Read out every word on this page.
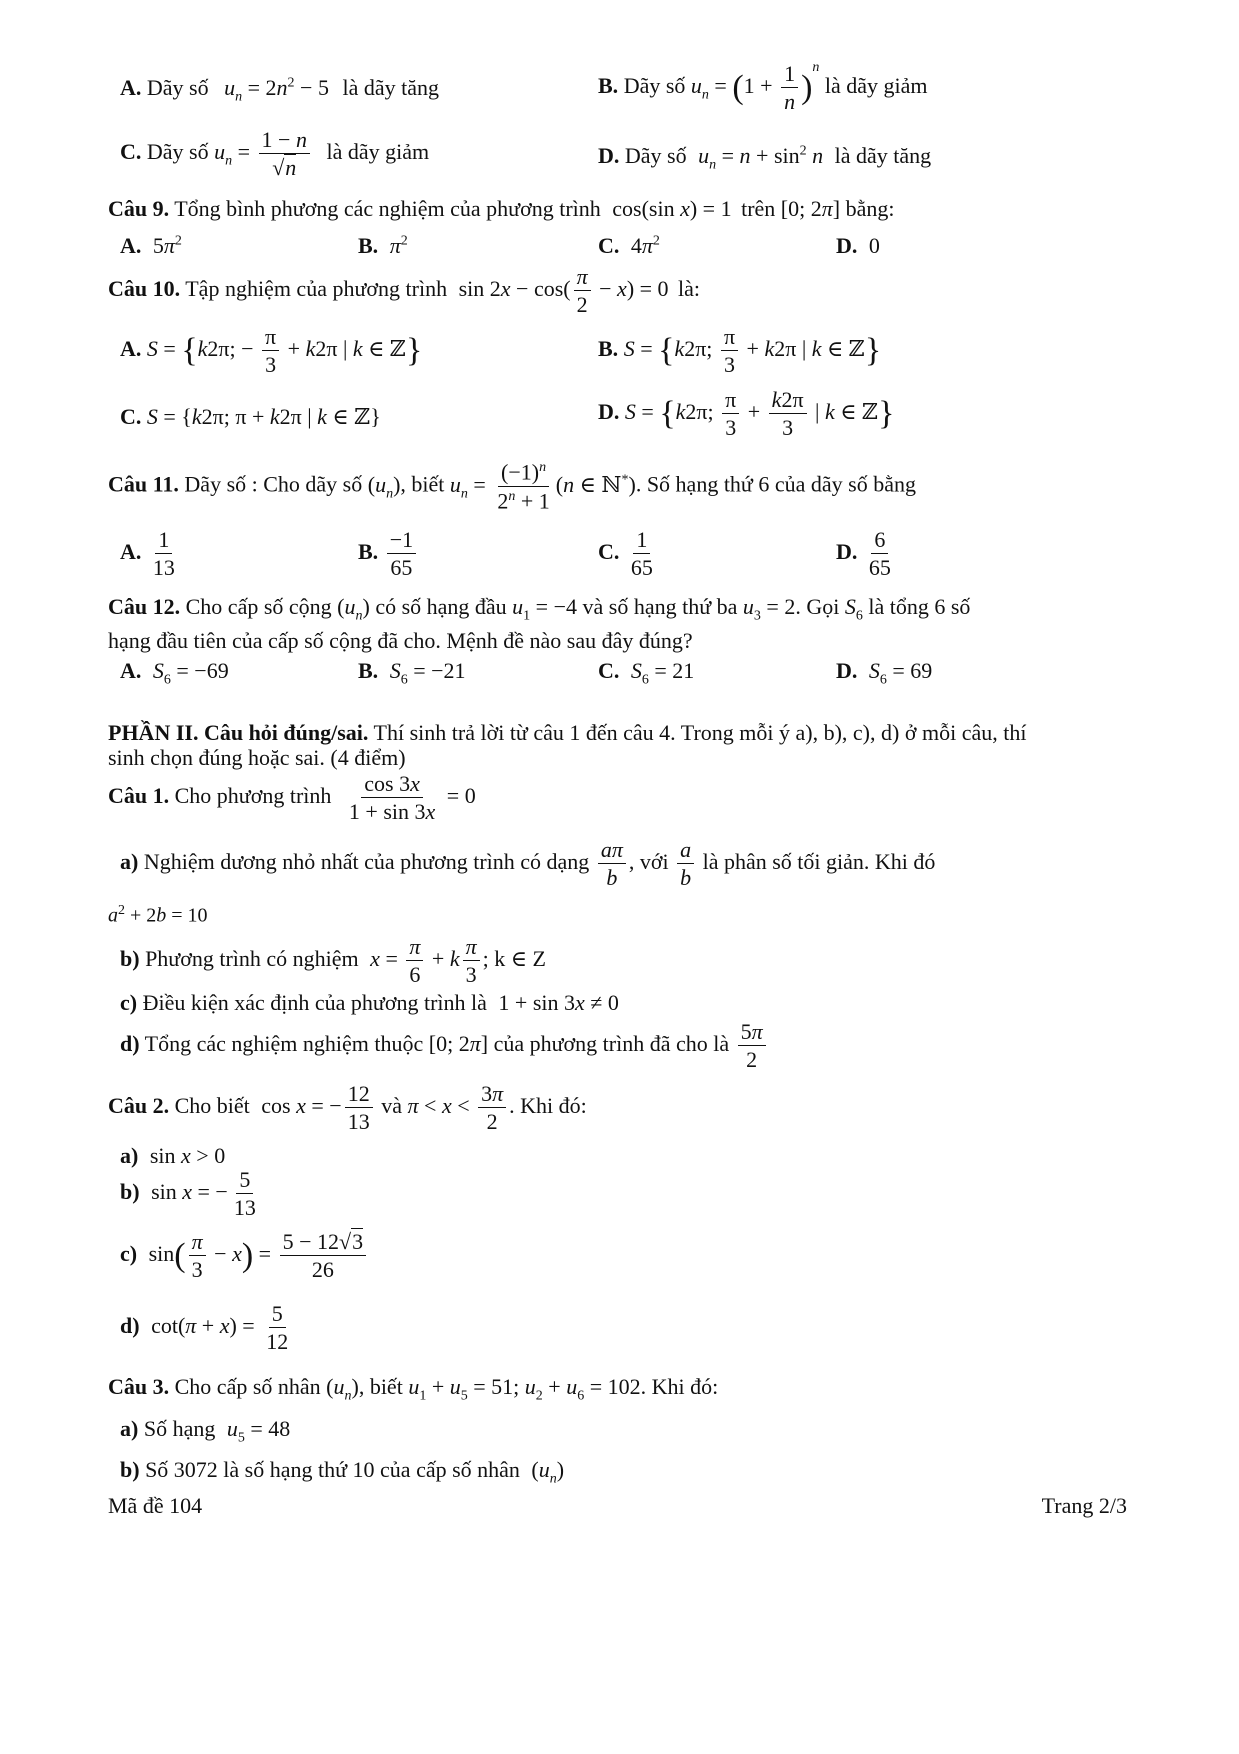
A. Dãy số $u_n = 2n^2 - 5$ là dãy tăng	B. Dãy số $u_n = (1 + \frac{1}{n} )^n$ là dãy giảm
C. Dãy số $u_n = \frac{1 - n}{√n}$ là dãy giảm	D. Dãy số $u_n = n + \sin^2 n$ là dãy tăng
Câu 9. Tổng bình phương các nghiệm của phương trình cos(sin x) = 1 trên [0; 2π] bằng:
A. $5\pi^2$	B. $\pi^2$	C. $4\pi^2$	D. 0
Câu 10. Tập nghiệm của phương trình $\sin 2x - \cos( \frac{\pi}{2} - x) = 0$ là:
A. S = {k2π; − $\frac{\pi}{3} + k2\pi$ | k ∈ ℤ}	B. S = {k2π; $\frac{\pi}{3} + k2\pi$ | k ∈ ℤ}
C. S = {k2π; π + k2π | k ∈ ℤ}	D. S = {k2π; $\frac{\pi}{3} + \frac{k2\pi}{3}$ | k ∈ ℤ}
Câu 11. Dãy số : Cho dãy số $(u_n)$, biết $u_n = \frac{(-1)^n}{2^n + 1} (n$ ∈ ℕ*). Số hạng thứ 6 của dãy số bằng
A. $\frac{1}{13}$	B. $\frac{-1}{65}$	C. $\frac{1}{65}$	D. $\frac{6}{65}$
Câu 12. Cho cấp số cộng $(u_n)$ có số hạng đầu $u_1 = -4$ và số hạng thứ ba $u_3 = 2$. Gọi $S_6$ là tổng 6 số
hạng đầu tiên của cấp số cộng đã cho. Mệnh đề nào sau đây đúng?
A. $S_6 = -69$	B. $S_6 = -21$	C. $S_6 = 21$	D. $S_6 = 69$
PHẦN II. Câu hỏi đúng/sai. Thí sinh trả lời từ câu 1 đến câu 4. Trong mỗi ý a), b), c), d) ở mỗi câu, thí
sinh chọn đúng hoặc sai. (4 điểm)
Câu 1. Cho phương trình $\frac{\cos 3x}{1 + \sin 3x} = 0$
a) Nghiệm dương nhỏ nhất của phương trình có dạng $\frac{a\pi}{b}$ , với $\frac{a}{b}$ là phân số tối giản. Khi đó
$a^2 + 2b = 10$
b) Phương trình có nghiệm $x = \frac{\pi}{6} + k \frac{\pi}{3}$ ; k ∈ Z
c) Điều kiện xác định của phương trình là 1 + sin 3x ≠ 0
d) Tổng các nghiệm nghiệm thuộc [0; 2π] của phương trình đã cho là $\frac{5\pi}{2}$
Câu 2. Cho biết cos x = − $\frac{12}{13}$ và $\pi < x < \frac{3\pi}{2}$ . Khi đó:
a) sin x > 0
b) sin x = − $\frac{5}{13}$
c) $\sin( \frac{\pi}{3} - x) = \frac{5 - 12√3}{26}$
d) $\cot(\pi + x) = \frac{5}{12}$
Câu 3. Cho cấp số nhân $(u_n)$, biết $u_1 + u_5 = 51$; $u_2 + u_6 = 102$. Khi đó:
a) Số hạng $u_5 = 48$
b) Số 3072 là số hạng thứ 10 của cấp số nhân $(u_n)$
Mã đề 104	Trang 2/3
